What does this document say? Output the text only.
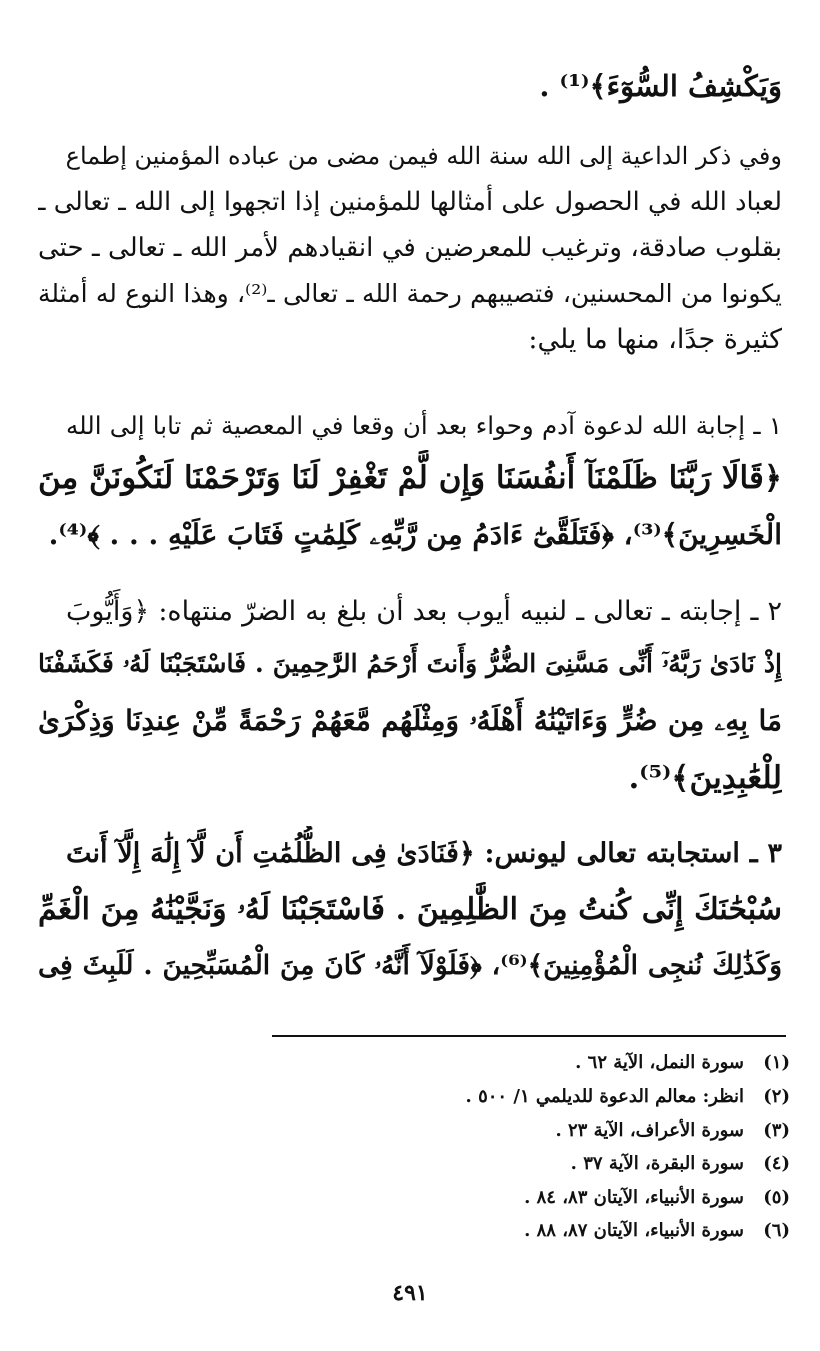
وَيَكْشِفُ السُّوٓءَ﴾⁽¹⁾ .
وفي ذكر الداعية إلى الله سنة الله فيمن مضى من عباده المؤمنين إطماع
لعباد الله في الحصول على أمثالها للمؤمنين إذا اتجهوا إلى الله ـ تعالى ـ
بقلوب صادقة، وترغيب للمعرضين في انقيادهم لأمر الله ـ تعالى ـ حتى
يكونوا من المحسنين، فتصيبهم رحمة الله ـ تعالى ـ⁽²⁾، وهذا النوع له أمثلة
كثيرة جدًا، منها ما يلي:
١ ـ إجابة الله لدعوة آدم وحواء بعد أن وقعا في المعصية ثم تابا إلى الله
﴿قَالَا رَبَّنَا ظَلَمْنَآ أَنفُسَنَا وَإِن لَّمْ تَغْفِرْ لَنَا وَتَرْحَمْنَا لَنَكُونَنَّ مِنَ
الْخَسِرِينَ﴾⁽³⁾، ﴿فَتَلَقَّىٰٓ ءَادَمُ مِن رَّبِّهِۦ كَلِمَٰتٍ فَتَابَ عَلَيْهِ . . . ﴾⁽⁴⁾.
٢ ـ إجابته ـ تعالى ـ لنبيه أيوب بعد أن بلغ به الضرّ منتهاه: ﴿وَأَيُّوبَ
إِذْ نَادَىٰ رَبَّهُۥٓ أَنِّى مَسَّنِىَ الضُّرُّ وَأَنتَ أَرْحَمُ الرَّٰحِمِينَ . فَاسْتَجَبْنَا لَهُۥ فَكَشَفْنَا
مَا بِهِۦ مِن ضُرٍّ وَءَاتَيْنَٰهُ أَهْلَهُۥ وَمِثْلَهُم مَّعَهُمْ رَحْمَةً مِّنْ عِندِنَا وَذِكْرَىٰ
لِلْعَٰبِدِينَ﴾⁽⁵⁾.
٣ ـ استجابته تعالى ليونس: ﴿فَنَادَىٰ فِى الظُّلُمَٰتِ أَن لَّآ إِلَٰهَ إِلَّآ أَنتَ
سُبْحَٰنَكَ إِنِّى كُنتُ مِنَ الظَّٰلِمِينَ . فَاسْتَجَبْنَا لَهُۥ وَنَجَّيْنَٰهُ مِنَ الْغَمِّ
وَكَذَٰلِكَ نُنجِى الْمُؤْمِنِينَ﴾⁽⁶⁾، ﴿فَلَوْلَآ أَنَّهُۥ كَانَ مِنَ الْمُسَبِّحِينَ . لَلَبِثَ فِى
(١)سورة النمل، الآية ٦٢ .
(٢)انظر: معالم الدعوة للديلمي ١/ ٥٠٠ .
(٣)سورة الأعراف، الآية ٢٣ .
(٤)سورة البقرة، الآية ٣٧ .
(٥)سورة الأنبياء، الآيتان ٨٣، ٨٤ .
(٦)سورة الأنبياء، الآيتان ٨٧، ٨٨ .
٤٩١
